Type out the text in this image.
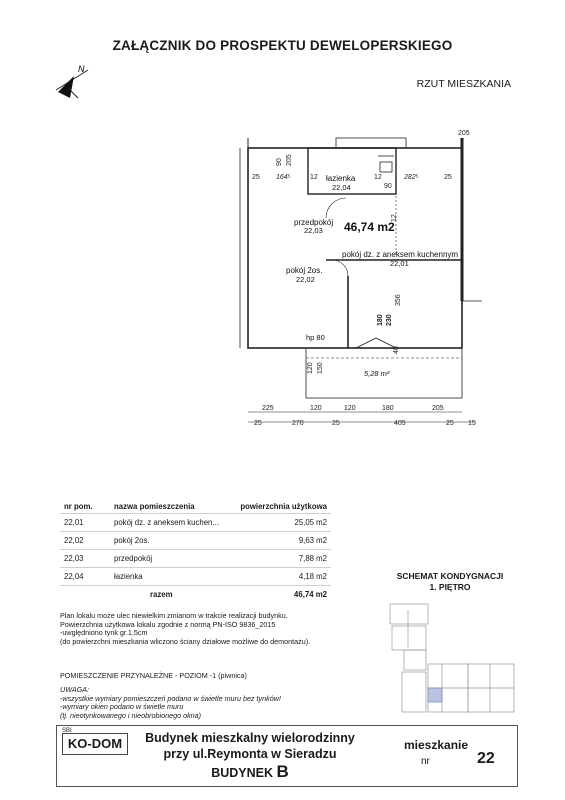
ZAŁĄCZNIK DO PROSPEKTU DEWELOPERSKIEGO
RZUT MIESZKANIA
N
205
25
90 205
164⁵	12	282⁵	25
12
12
90
180 230
356
120 150
40
225	120	120	180	205
25	270	25	405	25 15
łazienka
22,04
przedpokój
22,03 46,74 m2
pokój dz. z aneksem kuchennym
22,01
pokój 2os.
22,02
hp 80
5,28 m²
nr pom.	nazwa pomieszczenia	powierzchnia użytkowa
22,01	pokój dz. z aneksem kuchen...	25,05 m2
22,02	pokój 2os.	9,63 m2
22,03	przedpokój	7,88 m2
22,04	łazienka	4,18 m2
	razem	46,74 m2
Plan lokalu może ulec niewielkim zmianom w trakcie realizacji budynku.
Powierzchnia użytkowa lokalu zgodnie z normą PN-ISO 9836_2015
-uwględniono tynk gr.1,5cm
(do powierzchni mieszkania wliczono ściany działowe możliwe do demontażu).
POMIESZCZENIE PRZYNALEŻNE - POZIOM -1 (piwnica)
UWAGA:
-wszystkie wymiary pomieszczeń podano w świetle muru bez tynków!
-wymiary okien podano w świetle muru
(tj. nieotynkowanego i nieobrobionego okna)
SCHEMAT KONDYGNACJI
1. PIĘTRO
SBI
KO-DOM	Budynek mieszkalny wielorodzinny
przy ul.Reymonta w Sieradzu
BUDYNEK B
mieszkanie
nr	22
